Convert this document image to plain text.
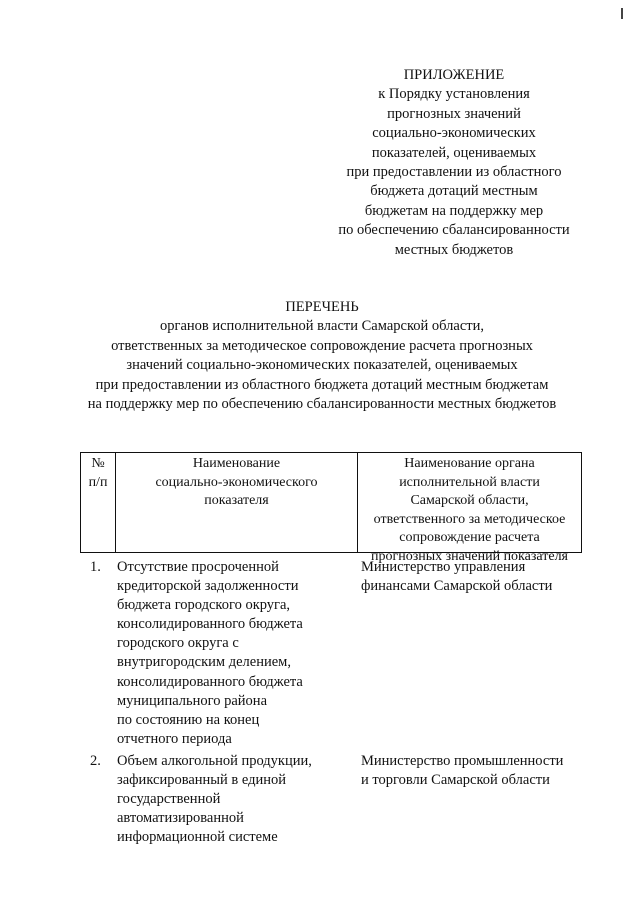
ПРИЛОЖЕНИЕ
к Порядку установления
прогнозных значений
социально-экономических
показателей, оцениваемых
при предоставлении из областного
бюджета дотаций местным
бюджетам на поддержку мер
по обеспечению сбалансированности
местных бюджетов
ПЕРЕЧЕНЬ
органов исполнительной власти Самарской области,
ответственных за методическое сопровождение расчета прогнозных
значений социально-экономических показателей, оцениваемых
при предоставлении из областного бюджета дотаций местным бюджетам
на поддержку мер по обеспечению сбалансированности местных бюджетов
№
п/п
Наименование
социально-экономического
показателя
Наименование органа
исполнительной власти
Самарской области,
ответственного за методическое
сопровождение расчета
прогнозных значений показателя
1. Отсутствие просроченной
кредиторской задолженности
бюджета городского округа,
консолидированного бюджета
городского округа с
внутригородским делением,
консолидированного бюджета
муниципального района
по состоянию на конец
отчетного периода
Министерство управления
финансами Самарской области
2. Объем алкогольной продукции,
зафиксированный в единой
государственной
автоматизированной
информационной системе
Министерство промышленности
и торговли Самарской области
